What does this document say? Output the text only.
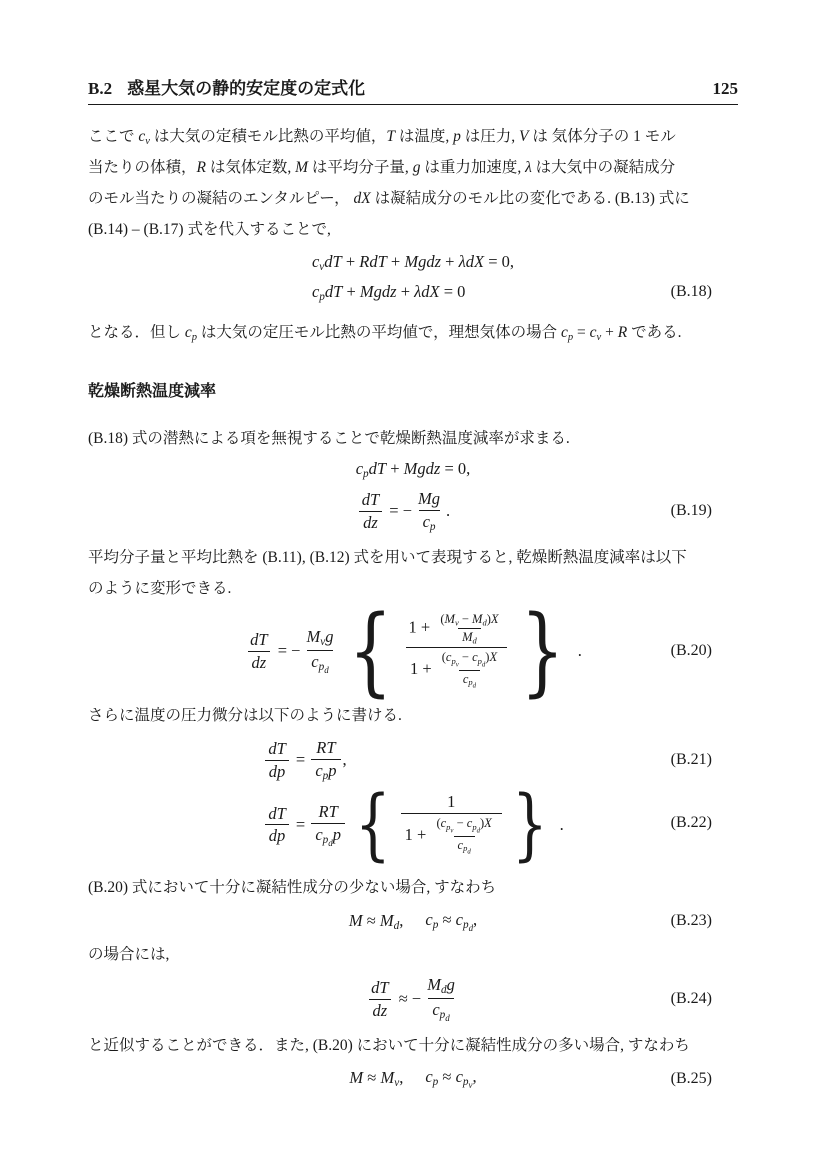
B.2 惑星大気の静的安定度の定式化	125
ここで cv は大気の定積モル比熱の平均値，T は温度, p は圧力, V は 気体分子の 1 モル
当たりの体積，R は気体定数, M は平均分子量, g は重力加速度, λ は大気中の凝結成分
のモル当たりの凝結のエンタルピー， dX は凝結成分のモル比の変化である. (B.13) 式に
(B.14) – (B.17) 式を代入することで,
cvdT + RdT + Mgdz + λdX = 0,
cpdT + Mgdz + λdX = 0	(B.18)
となる．但し cp は大気の定圧モル比熱の平均値で，理想気体の場合 cp = cv + R である.
乾燥断熱温度減率
(B.18) 式の潜熱による項を無視することで乾燥断熱温度減率が求まる.
cpdT + Mgdz = 0,
$\frac{dT}{dz}$ = − $\frac{Mg}{cp}$ .	(B.19)
平均分子量と平均比熱を (B.11), (B.12) 式を用いて表現すると, 乾燥断熱温度減率は以下
のように変形できる.
$\frac{dT}{dz}$ = −
Mvg
$cp_d$ { $1 + \frac{(Mv - Md)X}{Md}$
1 +
$(cp_v - cp_d)X$
$cp_d$ } .	(B.20)
さらに温度の圧力微分は以下のように書ける.
$\frac{dT}{dp}$ =
RT
cpp
,
$\frac{dT}{dp}$ =
RT
$cp_dp$ {	1
1 +
$(cp_v - cp_d)X$
$cp_d$ } .
(B.21)
(B.22)
(B.20) 式において十分に凝結性成分の少ない場合, すなわち
M ≈ Md, cp ≈ $cp_d$,	(B.23)
の場合には,
$\frac{dT}{dz}$ ≈ −
Mdg
$cp_d$
(B.24)
と近似することができる．また, (B.20) において十分に凝結性成分の多い場合, すなわち
M ≈ Mv, cp ≈ $cp_v$,	(B.25)
